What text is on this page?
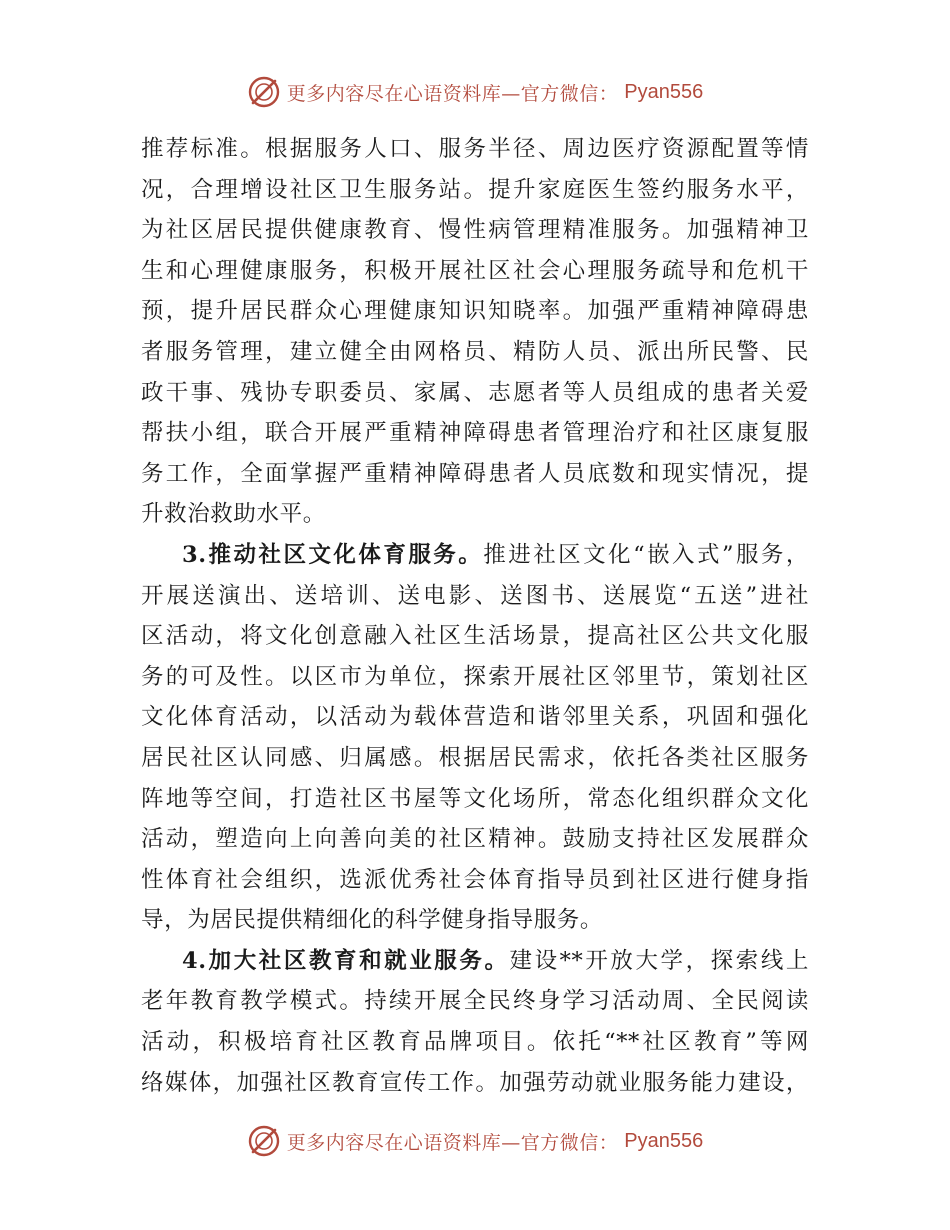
更多内容尽在心语资料库—官方微信： Pyan556
推荐标准。根据服务人口、服务半径、周边医疗资源配置等情
况，合理增设社区卫生服务站。提升家庭医生签约服务水平，
为社区居民提供健康教育、慢性病管理精准服务。加强精神卫
生和心理健康服务，积极开展社区社会心理服务疏导和危机干
预，提升居民群众心理健康知识知晓率。加强严重精神障碍患
者服务管理，建立健全由网格员、精防人员、派出所民警、民
政干事、残协专职委员、家属、志愿者等人员组成的患者关爱
帮扶小组，联合开展严重精神障碍患者管理治疗和社区康复服
务工作，全面掌握严重精神障碍患者人员底数和现实情况，提
升救治救助水平。
3.推动社区文化体育服务。推进社区文化“嵌入式”服务，
开展送演出、送培训、送电影、送图书、送展览“五送”进社
区活动，将文化创意融入社区生活场景，提高社区公共文化服
务的可及性。以区市为单位，探索开展社区邻里节，策划社区
文化体育活动，以活动为载体营造和谐邻里关系，巩固和强化
居民社区认同感、归属感。根据居民需求，依托各类社区服务
阵地等空间，打造社区书屋等文化场所，常态化组织群众文化
活动，塑造向上向善向美的社区精神。鼓励支持社区发展群众
性体育社会组织，选派优秀社会体育指导员到社区进行健身指
导，为居民提供精细化的科学健身指导服务。
4.加大社区教育和就业服务。建设**开放大学，探索线上
老年教育教学模式。持续开展全民终身学习活动周、全民阅读
活动，积极培育社区教育品牌项目。依托“**社区教育”等网
络媒体，加强社区教育宣传工作。加强劳动就业服务能力建设，
更多内容尽在心语资料库—官方微信： Pyan556
